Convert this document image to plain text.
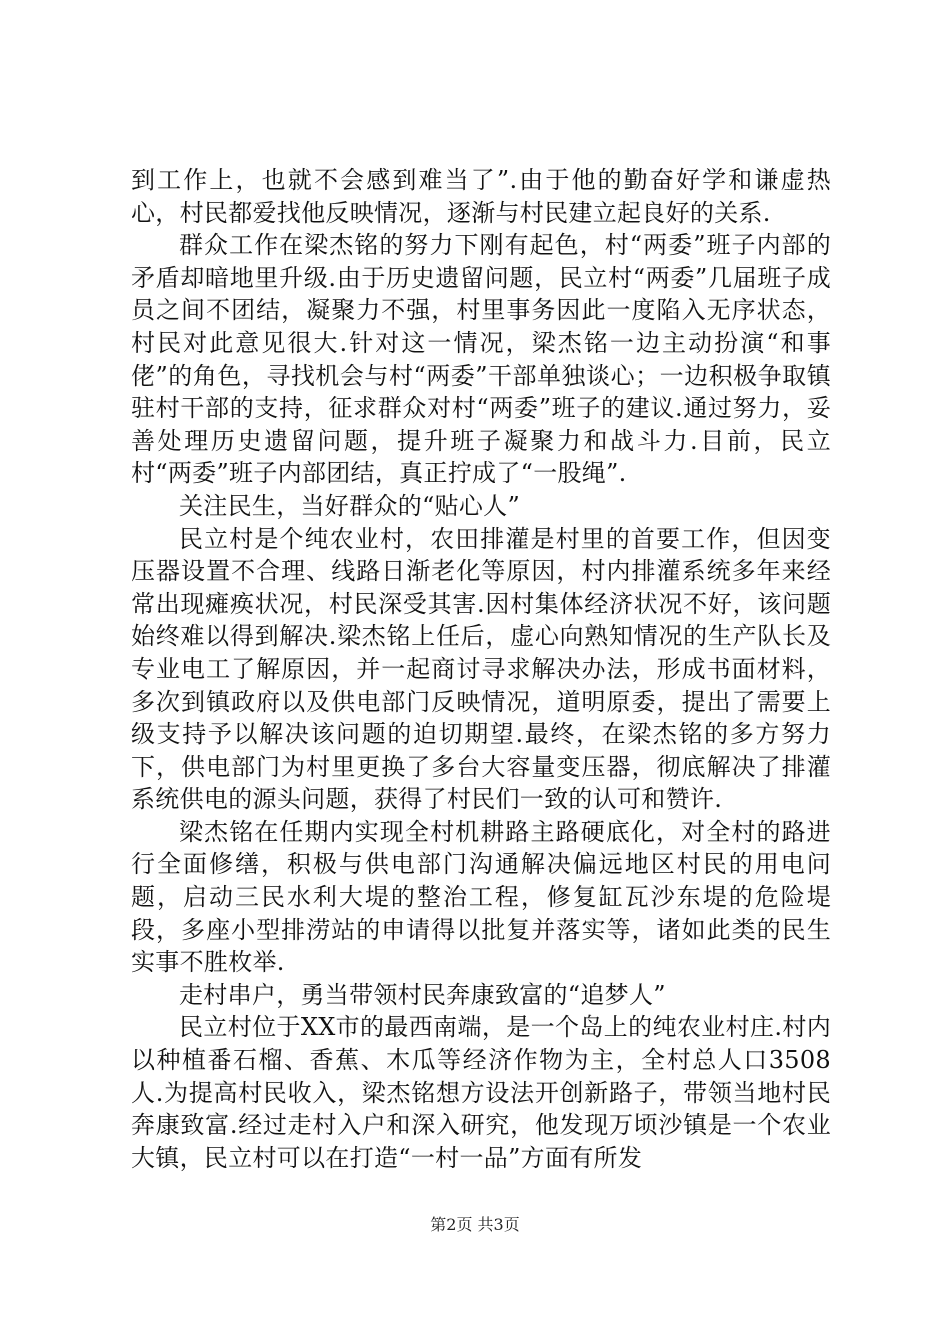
到工作上，也就不会感到难当了”.由于他的勤奋好学和谦虚热心，村民都爱找他反映情况，逐渐与村民建立起良好的关系.

群众工作在梁杰铭的努力下刚有起色，村“两委”班子内部的矛盾却暗地里升级.由于历史遗留问题，民立村“两委”几届班子成员之间不团结，凝聚力不强，村里事务因此一度陷入无序状态，村民对此意见很大.针对这一情况，梁杰铭一边主动扮演“和事佬”的角色，寻找机会与村“两委”干部单独谈心；一边积极争取镇驻村干部的支持，征求群众对村“两委”班子的建议.通过努力，妥善处理历史遗留问题，提升班子凝聚力和战斗力.目前，民立村“两委”班子内部团结，真正拧成了“一股绳”.

关注民生，当好群众的“贴心人”

民立村是个纯农业村，农田排灌是村里的首要工作，但因变压器设置不合理、线路日渐老化等原因，村内排灌系统多年来经常出现瘫痪状况，村民深受其害.因村集体经济状况不好，该问题始终难以得到解决.梁杰铭上任后，虚心向熟知情况的生产队长及专业电工了解原因，并一起商讨寻求解决办法，形成书面材料，多次到镇政府以及供电部门反映情况，道明原委，提出了需要上级支持予以解决该问题的迫切期望.最终，在梁杰铭的多方努力下，供电部门为村里更换了多台大容量变压器，彻底解决了排灌系统供电的源头问题，获得了村民们一致的认可和赞许.

梁杰铭在任期内实现全村机耕路主路硬底化，对全村的路进行全面修缮，积极与供电部门沟通解决偏远地区村民的用电问题，启动三民水利大堤的整治工程，修复缸瓦沙东堤的危险堤段，多座小型排涝站的申请得以批复并落实等，诸如此类的民生实事不胜枚举.

走村串户，勇当带领村民奔康致富的“追梦人”

民立村位于XX市的最西南端，是一个岛上的纯农业村庄.村内以种植番石榴、香蕉、木瓜等经济作物为主，全村总人口3508人.为提高村民收入，梁杰铭想方设法开创新路子，带领当地村民奔康致富.经过走村入户和深入研究，他发现万顷沙镇是一个农业大镇，民立村可以在打造“一村一品”方面有所发

第2页 共3页
